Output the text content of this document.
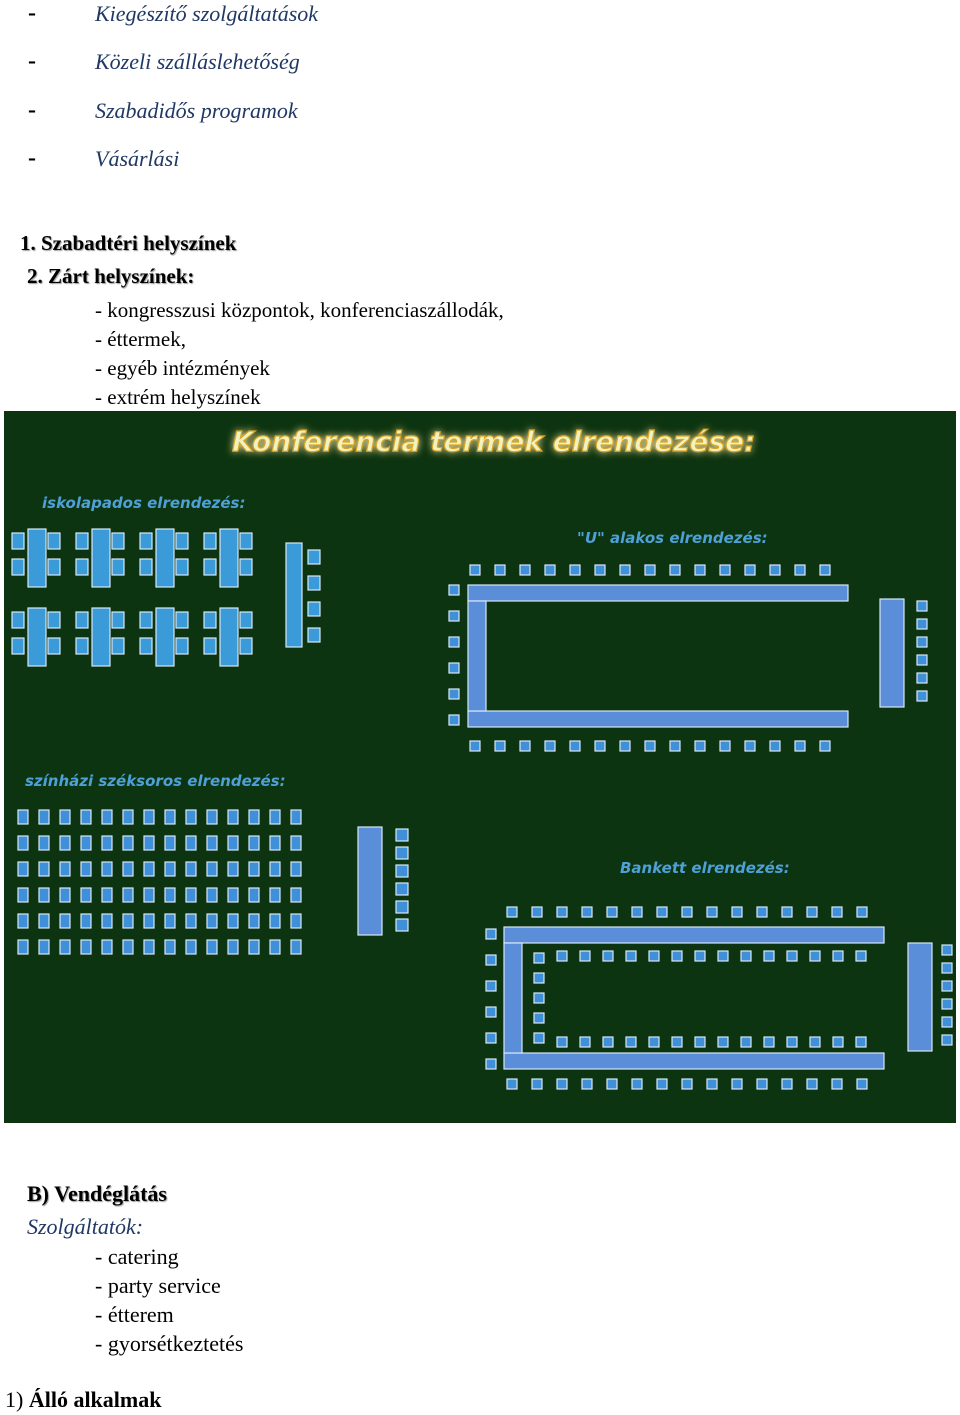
-	Kiegészítő szolgáltatások
-	Közeli szálláslehetőség
-	Szabadidős programok
-	Vásárlási
1. Szabadtéri helyszínek
2. Zárt helyszínek:
- kongresszusi központok, konferenciaszállodák,
- éttermek,
- egyéb intézmények
- extrém helyszínek
Konferencia termek elrendezése:
iskolapados elrendezés:
"U" alakos elrendezés:
színházi széksoros elrendezés:
Bankett elrendezés:
B) Vendéglátás
Szolgáltatók:
- catering
- party service
- étterem
- gyorsétkeztetés
1) Álló alkalmak
